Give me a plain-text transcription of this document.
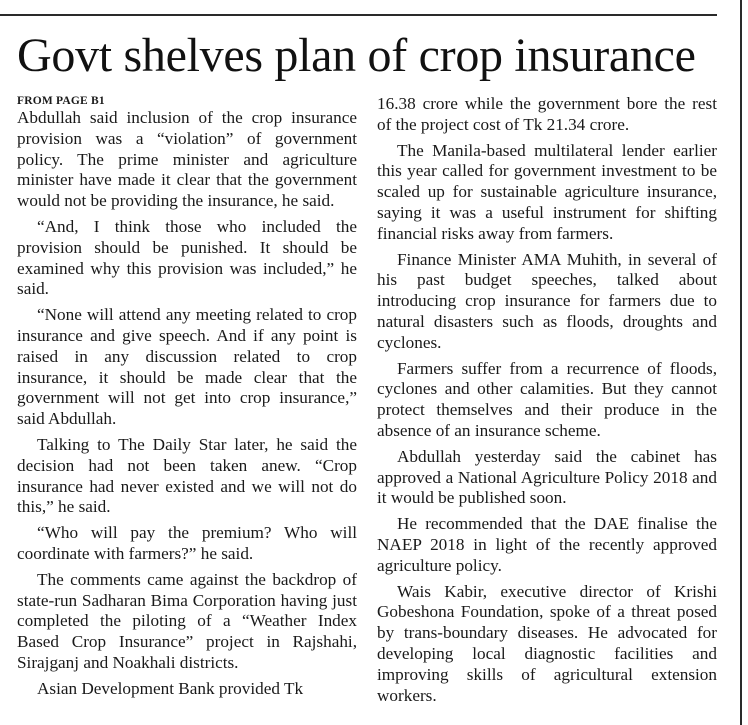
Govt shelves plan of crop insurance
FROM PAGE B1

Abdullah said inclusion of the crop insurance provision was a “violation” of government policy. The prime minister and agriculture minister have made it clear that the government would not be providing the insurance, he said.

“And, I think those who included the provision should be punished. It should be examined why this provision was included,” he said.

“None will attend any meeting related to crop insurance and give speech. And if any point is raised in any discussion related to crop insurance, it should be made clear that the government will not get into crop insurance,” said Abdullah.

Talking to The Daily Star later, he said the decision had not been taken anew. “Crop insurance had never existed and we will not do this,” he said.

“Who will pay the premium? Who will coordinate with farmers?” he said.

The comments came against the backdrop of state-run Sadharan Bima Corporation having just completed the piloting of a “Weather Index Based Crop Insurance” project in Rajshahi, Sirajganj and Noakhali districts.

Asian Development Bank provided Tk

16.38 crore while the government bore the rest of the project cost of Tk 21.34 crore.

The Manila-based multilateral lender earlier this year called for government investment to be scaled up for sustainable agriculture insurance, saying it was a useful instrument for shifting financial risks away from farmers.

Finance Minister AMA Muhith, in several of his past budget speeches, talked about introducing crop insurance for farmers due to natural disasters such as floods, droughts and cyclones.

Farmers suffer from a recurrence of floods, cyclones and other calamities. But they cannot protect themselves and their produce in the absence of an insurance scheme.

Abdullah yesterday said the cabinet has approved a National Agriculture Policy 2018 and it would be published soon.

He recommended that the DAE finalise the NAEP 2018 in light of the recently approved agriculture policy.

Wais Kabir, executive director of Krishi Gobeshona Foundation, spoke of a threat posed by trans-boundary diseases. He advocated for developing local diagnostic facilities and improving skills of agricultural extension workers.
